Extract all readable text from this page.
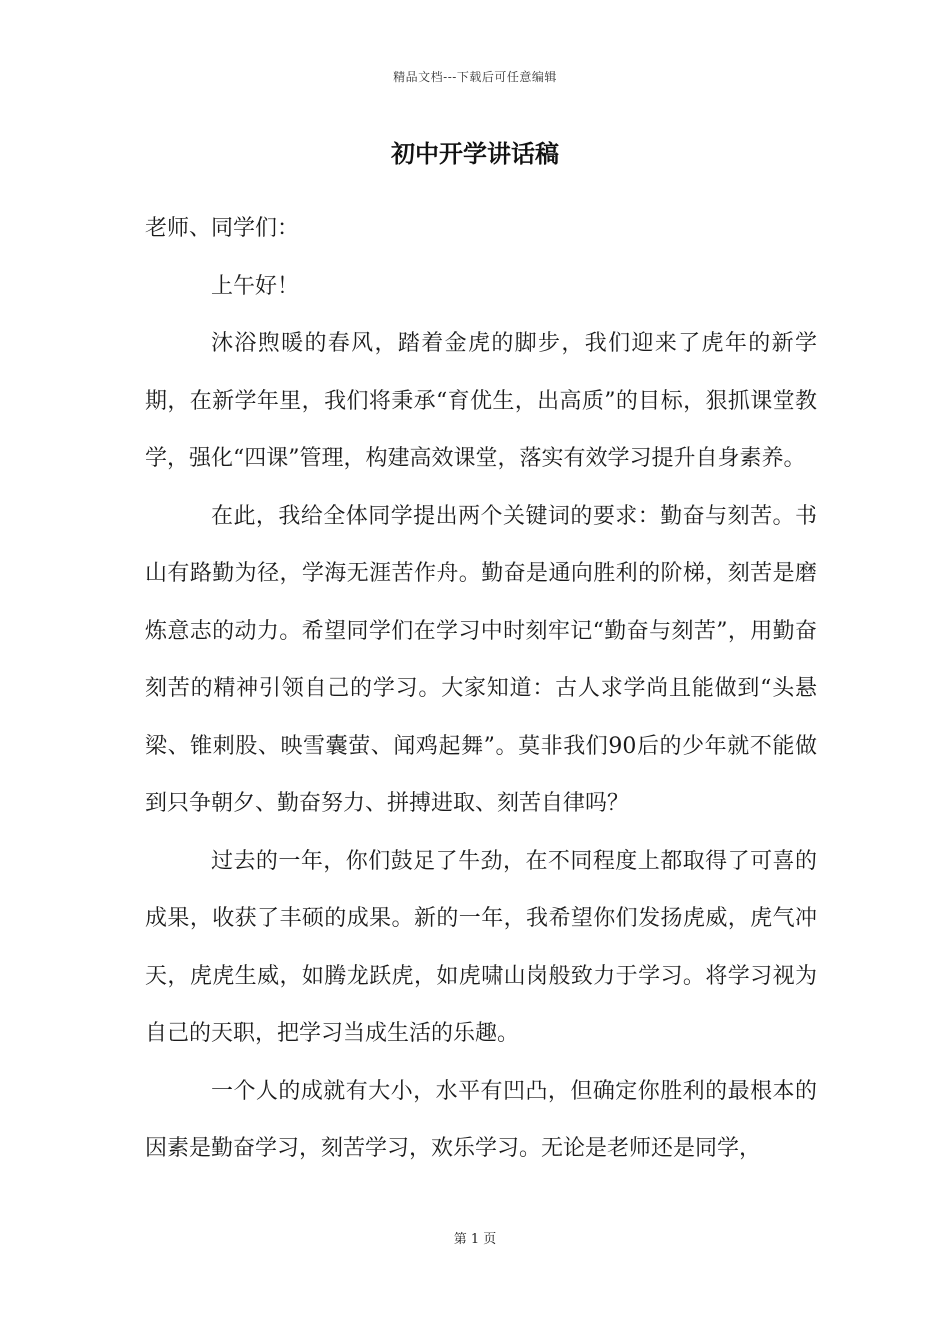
精品文档---下载后可任意编辑
初中开学讲话稿

老师、同学们：

上午好！

沐浴煦暖的春风，踏着金虎的脚步，我们迎来了虎年的新学期，在新学年里，我们将秉承“育优生，出高质”的目标，狠抓课堂教学，强化“四课”管理，构建高效课堂，落实有效学习提升自身素养。

在此，我给全体同学提出两个关键词的要求：勤奋与刻苦。书山有路勤为径，学海无涯苦作舟。勤奋是通向胜利的阶梯，刻苦是磨炼意志的动力。希望同学们在学习中时刻牢记“勤奋与刻苦”，用勤奋刻苦的精神引领自己的学习。大家知道：古人求学尚且能做到“头悬梁、锥刺股、映雪囊萤、闻鸡起舞”。莫非我们90后的少年就不能做到只争朝夕、勤奋努力、拼搏进取、刻苦自律吗？

过去的一年，你们鼓足了牛劲，在不同程度上都取得了可喜的成果，收获了丰硕的成果。新的一年，我希望你们发扬虎威，虎气冲天，虎虎生威，如腾龙跃虎，如虎啸山岗般致力于学习。将学习视为自己的天职，把学习当成生活的乐趣。

一个人的成就有大小，水平有凹凸，但确定你胜利的最根本的因素是勤奋学习，刻苦学习，欢乐学习。无论是老师还是同学，

第 1 页
